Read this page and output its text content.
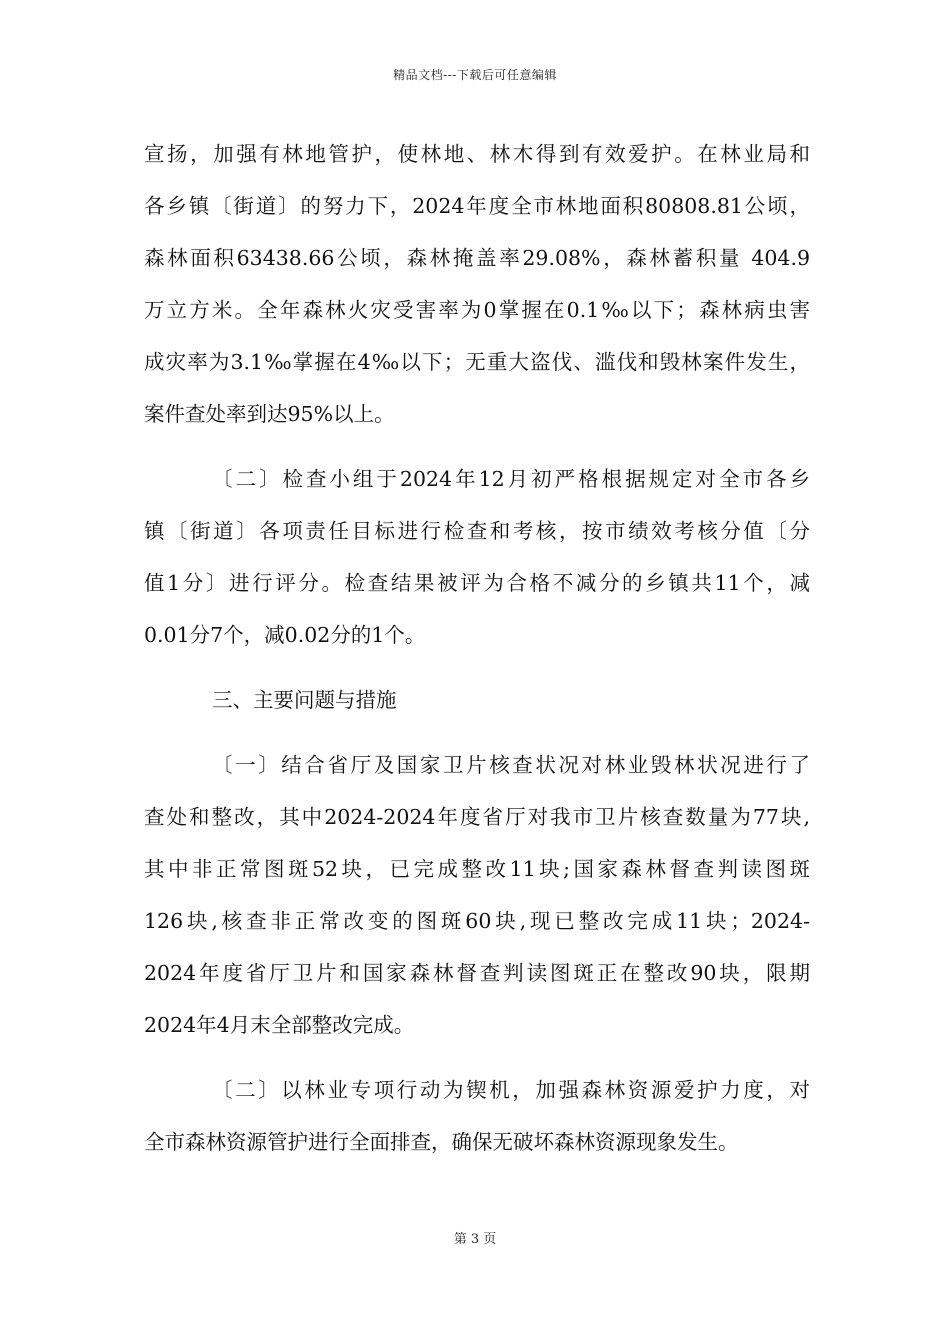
精品文档---下载后可任意编辑
宣扬，加强有林地管护，使林地、林木得到有效爱护。在林业局和
各乡镇〔街道〕的努力下，2024年度全市林地面积80808.81公顷，
森林面积63438.66公顷，森林掩盖率29.08%，森林蓄积量 404.9
万立方米。全年森林火灾受害率为0掌握在0.1‰以下；森林病虫害
成灾率为3.1‰掌握在4‰以下；无重大盗伐、滥伐和毁林案件发生，
案件查处率到达95%以上。
〔二〕检查小组于2024年12月初严格根据规定对全市各乡
镇〔街道〕各项责任目标进行检查和考核，按市绩效考核分值〔分
值1分〕进行评分。检查结果被评为合格不减分的乡镇共11个，减
0.01分7个，减0.02分的1个。
三、主要问题与措施
〔一〕结合省厅及国家卫片核查状况对林业毁林状况进行了
查处和整改，其中2024-2024年度省厅对我市卫片核查数量为77块,
其中非正常图斑52块，已完成整改11块;国家森林督查判读图斑
126块,核查非正常改变的图斑60块,现已整改完成11块；2024-
2024年度省厅卫片和国家森林督查判读图斑正在整改90块，限期
2024年4月末全部整改完成。
〔二〕以林业专项行动为锲机，加强森林资源爱护力度，对
全市森林资源管护进行全面排查，确保无破坏森林资源现象发生。
第 3 页
